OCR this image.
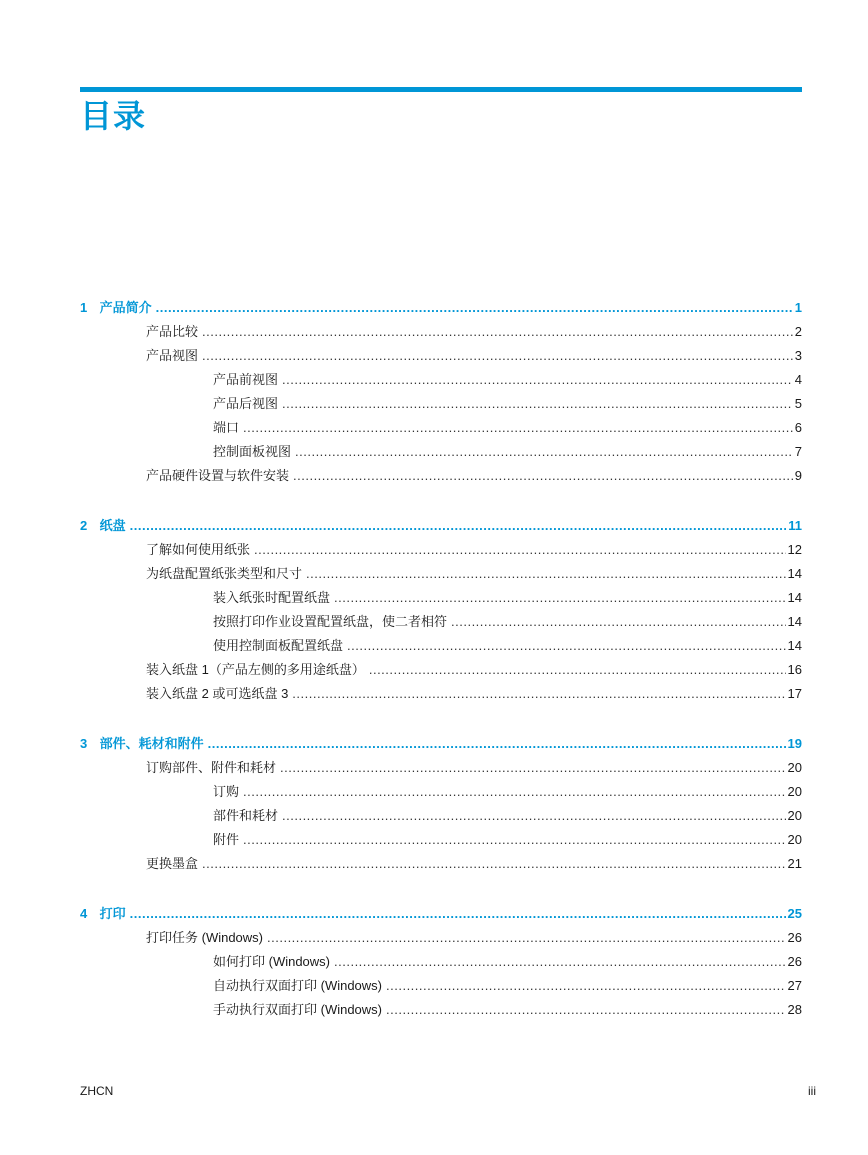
目录
1 产品简介 .....	1
产品比较 .....	2
产品视图 .....	3
产品前视图 .....	4
产品后视图 .....	5
端口 .....	6
控制面板视图 .....	7
产品硬件设置与软件安装 .....	9
2 纸盘 .....	11
了解如何使用纸张 .....	12
为纸盘配置纸张类型和尺寸 .....	14
装入纸张时配置纸盘 .....	14
按照打印作业设置配置纸盘，使二者相符 .....	14
使用控制面板配置纸盘 .....	14
装入纸盘 1（产品左侧的多用途纸盘） .....	16
装入纸盘 2 或可选纸盘 3 .....	17
3 部件、耗材和附件 .....	19
订购部件、附件和耗材 .....	20
订购 .....	20
部件和耗材 .....	20
附件 .....	20
更换墨盒 .....	21
4 打印 .....	25
打印任务 (Windows) .....	26
如何打印 (Windows) .....	26
自动执行双面打印 (Windows) .....	27
手动执行双面打印 (Windows) .....	28
ZHCN	iii
